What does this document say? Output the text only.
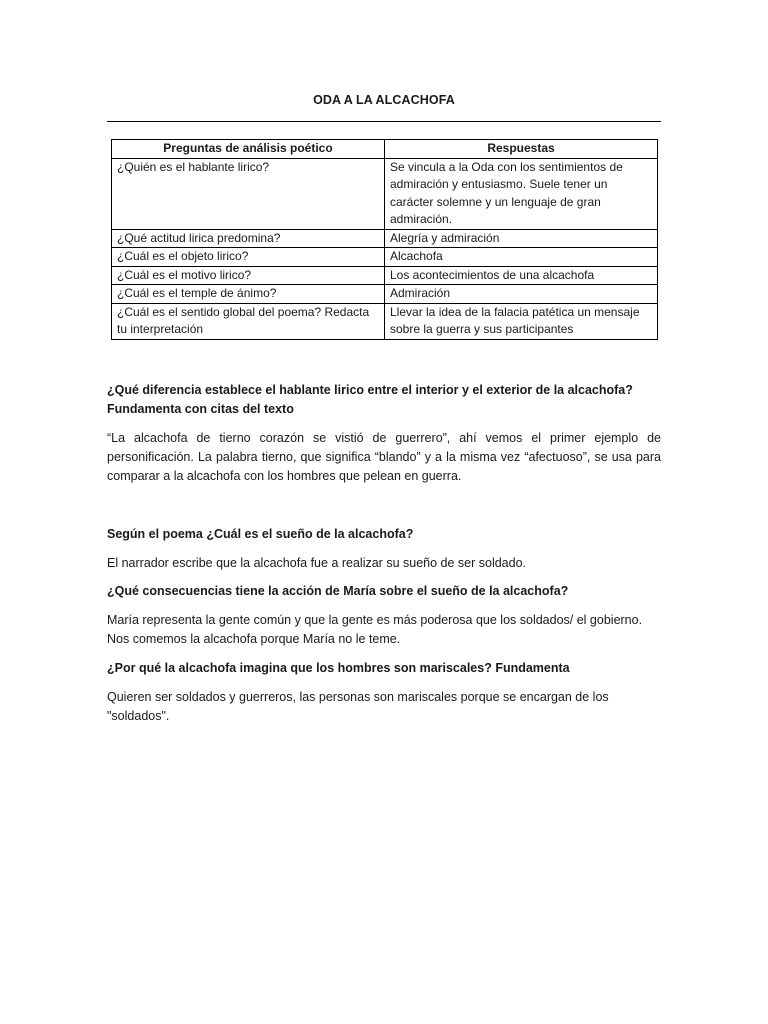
ODA A LA ALCACHOFA
Preguntas de análisis poético	Respuestas
¿Quién es el hablante lirico?	Se vincula a la Oda con los sentimientos de admiración y entusiasmo. Suele tener un carácter solemne y un lenguaje de gran admiración.
¿Qué actitud lirica predomina?	Alegría y admiración
¿Cuál es el objeto lirico?	Alcachofa
¿Cuál es el motivo lirico?	Los acontecimientos de una alcachofa
¿Cuál es el temple de ánimo?	Admiración
¿Cuál es el sentido global del poema? Redacta tu interpretación	Llevar la idea de la falacia patética un mensaje sobre la guerra y sus participantes
¿Qué diferencia establece el hablante lirico entre el interior y el exterior de la alcachofa? Fundamenta con citas del texto
“La alcachofa de tierno corazón se vistió de guerrero”, ahí vemos el primer ejemplo de personificación. La palabra tierno, que significa “blando” y a la misma vez “afectuoso”, se usa para comparar a la alcachofa con los hombres que pelean en guerra.
Según el poema ¿Cuál es el sueño de la alcachofa?
El narrador escribe que la alcachofa fue a realizar su sueño de ser soldado.
¿Qué consecuencias tiene la acción de María sobre el sueño de la alcachofa?
María representa la gente común y que la gente es más poderosa que los soldados/ el gobierno. Nos comemos la alcachofa porque María no le teme.
¿Por qué la alcachofa imagina que los hombres son mariscales? Fundamenta
Quieren ser soldados y guerreros, las personas son mariscales porque se encargan de los "soldados".
